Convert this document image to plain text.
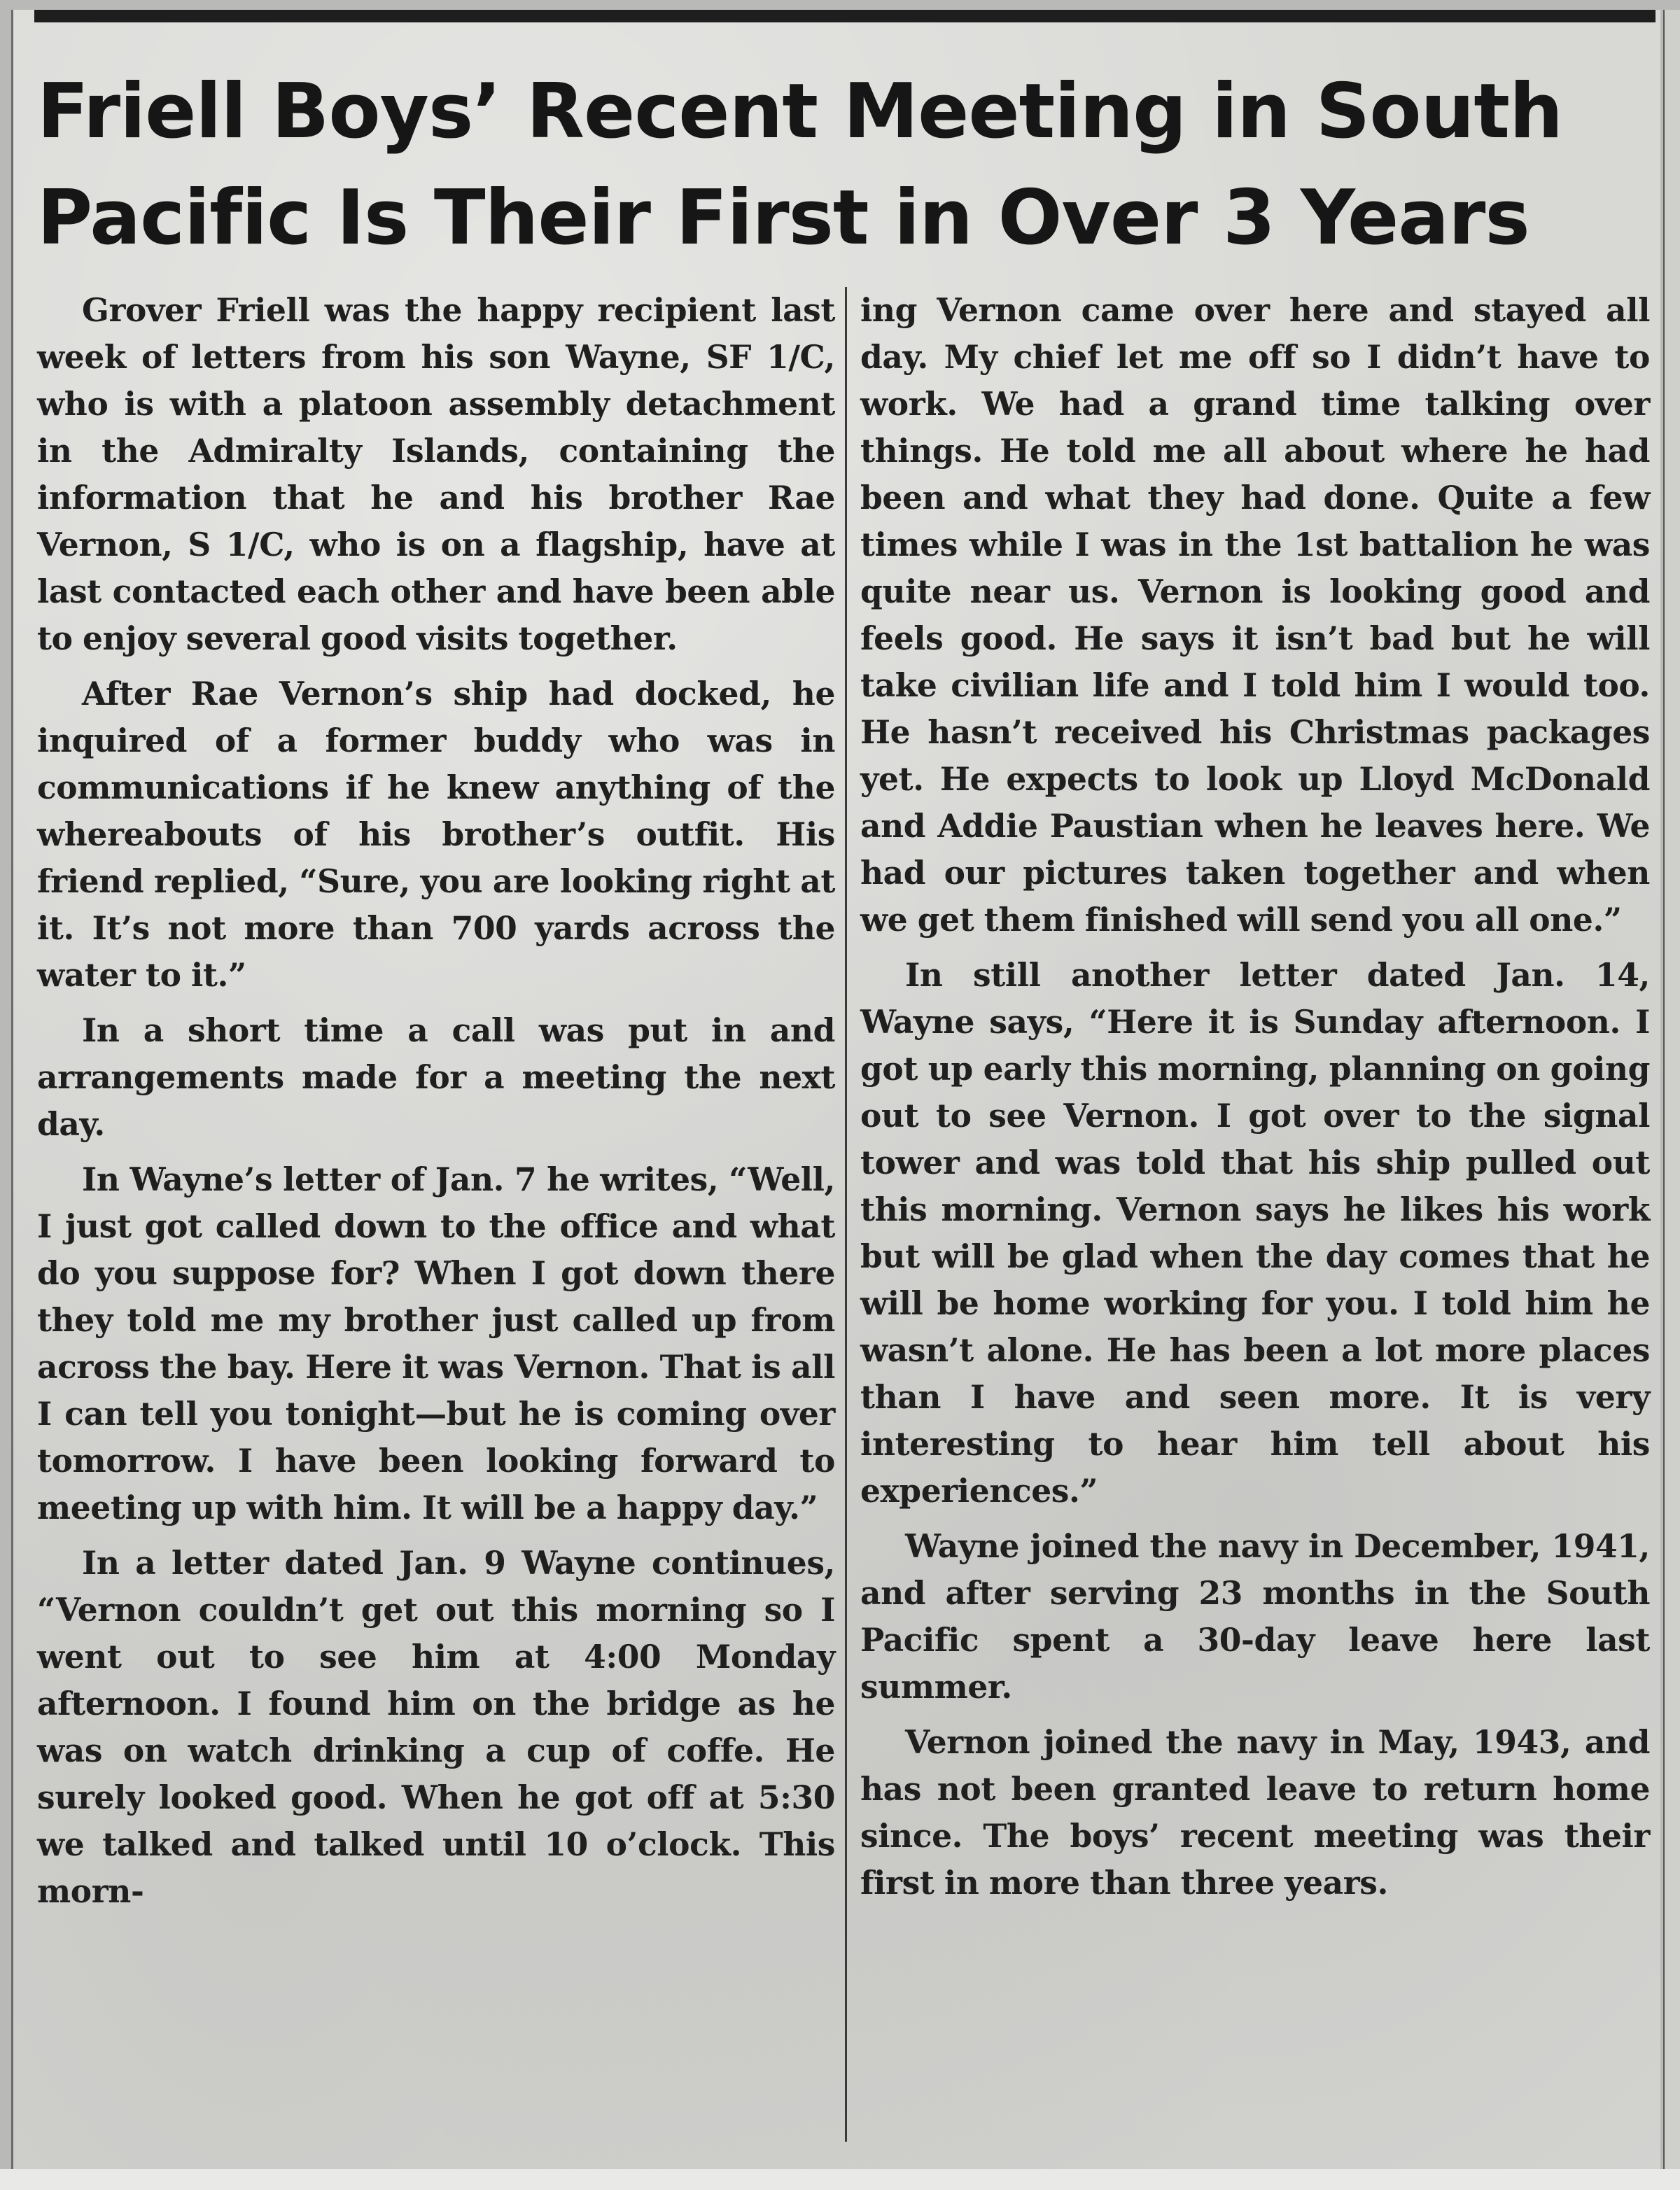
Friell Boys’ Recent Meeting in South Pacific Is Their First in Over 3 Years

Grover Friell was the happy recipient last week of letters from his son Wayne, SF 1/C, who is with a platoon assembly detachment in the Admiralty Islands, containing the information that he and his brother Rae Vernon, S 1/C, who is on a flagship, have at last contacted each other and have been able to enjoy several good visits together.

After Rae Vernon’s ship had docked, he inquired of a former buddy who was in communications if he knew anything of the whereabouts of his brother’s outfit. His friend replied, “Sure, you are looking right at it. It’s not more than 700 yards across the water to it.”

In a short time a call was put in and arrangements made for a meeting the next day.

In Wayne’s letter of Jan. 7 he writes, “Well, I just got called down to the office and what do you suppose for? When I got down there they told me my brother just called up from across the bay. Here it was Vernon. That is all I can tell you tonight—but he is coming over tomorrow. I have been looking forward to meeting up with him. It will be a happy day.”

In a letter dated Jan. 9 Wayne continues, “Vernon couldn’t get out this morning so I went out to see him at 4:00 Monday afternoon. I found him on the bridge as he was on watch drinking a cup of coffe. He surely looked good. When he got off at 5:30 we talked and talked until 10 o’clock. This morn-

ing Vernon came over here and stayed all day. My chief let me off so I didn’t have to work. We had a grand time talking over things. He told me all about where he had been and what they had done. Quite a few times while I was in the 1st battalion he was quite near us. Vernon is looking good and feels good. He says it isn’t bad but he will take civilian life and I told him I would too. He hasn’t received his Christmas packages yet. He expects to look up Lloyd McDonald and Addie Paustian when he leaves here. We had our pictures taken together and when we get them finished will send you all one.”

In still another letter dated Jan. 14, Wayne says, “Here it is Sunday afternoon. I got up early this morning, planning on going out to see Vernon. I got over to the signal tower and was told that his ship pulled out this morning. Vernon says he likes his work but will be glad when the day comes that he will be home working for you. I told him he wasn’t alone. He has been a lot more places than I have and seen more. It is very interesting to hear him tell about his experiences.”

Wayne joined the navy in December, 1941, and after serving 23 months in the South Pacific spent a 30-day leave here last summer.

Vernon joined the navy in May, 1943, and has not been granted leave to return home since. The boys’ recent meeting was their first in more than three years.
